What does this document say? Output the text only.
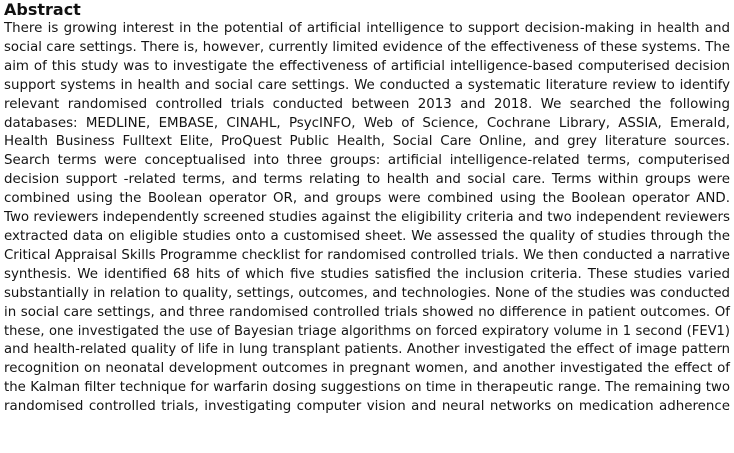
Abstract
There is growing interest in the potential of artificial intelligence to support decision-making in health and
social care settings. There is, however, currently limited evidence of the effectiveness of these systems. The
aim of this study was to investigate the effectiveness of artificial intelligence-based computerised decision
support systems in health and social care settings. We conducted a systematic literature review to identify
relevant randomised controlled trials conducted between 2013 and 2018. We searched the following
databases: MEDLINE, EMBASE, CINAHL, PsycINFO, Web of Science, Cochrane Library, ASSIA, Emerald,
Health Business Fulltext Elite, ProQuest Public Health, Social Care Online, and grey literature sources.
Search terms were conceptualised into three groups: artificial intelligence-related terms, computerised
decision support -related terms, and terms relating to health and social care. Terms within groups were
combined using the Boolean operator OR, and groups were combined using the Boolean operator AND.
Two reviewers independently screened studies against the eligibility criteria and two independent reviewers
extracted data on eligible studies onto a customised sheet. We assessed the quality of studies through the
Critical Appraisal Skills Programme checklist for randomised controlled trials. We then conducted a narrative
synthesis. We identified 68 hits of which five studies satisfied the inclusion criteria. These studies varied
substantially in relation to quality, settings, outcomes, and technologies. None of the studies was conducted
in social care settings, and three randomised controlled trials showed no difference in patient outcomes. Of
these, one investigated the use of Bayesian triage algorithms on forced expiratory volume in 1 second (FEV1)
and health-related quality of life in lung transplant patients. Another investigated the effect of image pattern
recognition on neonatal development outcomes in pregnant women, and another investigated the effect of
the Kalman filter technique for warfarin dosing suggestions on time in therapeutic range. The remaining two
randomised controlled trials, investigating computer vision and neural networks on medication adherence
